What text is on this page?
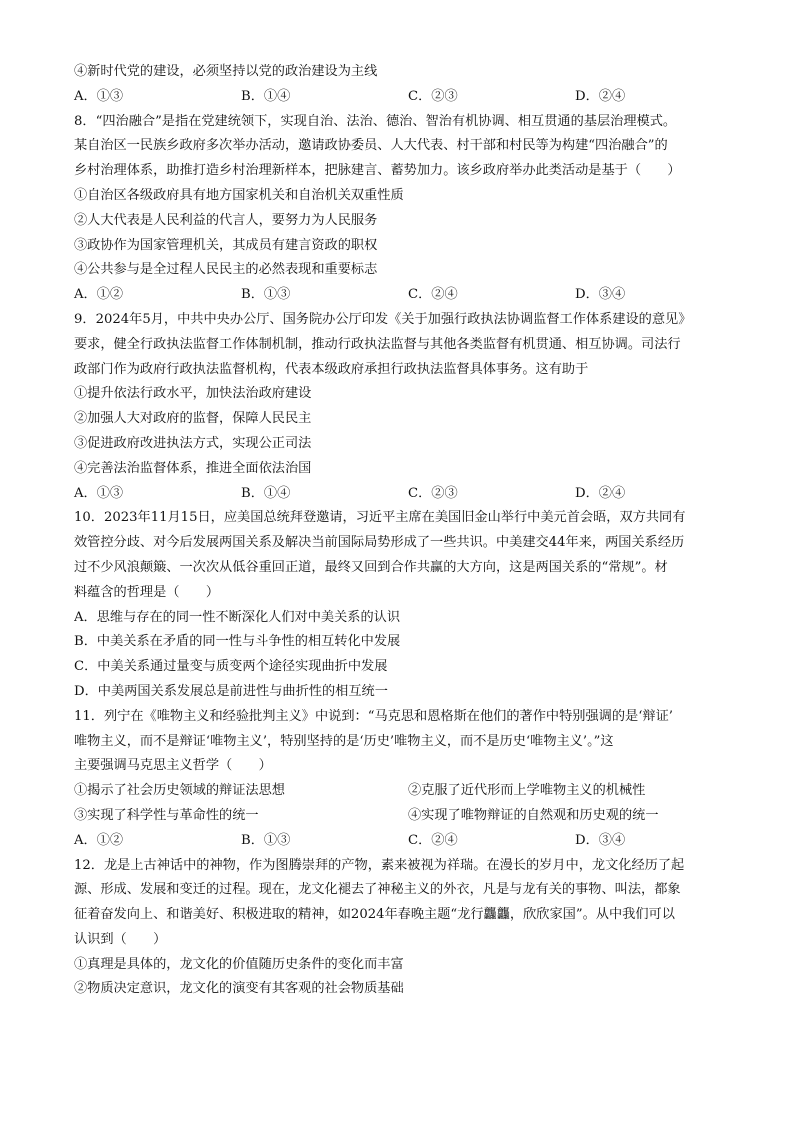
④新时代党的建设，必须坚持以党的政治建设为主线
A．①③	B．①④	C．②③	D．②④
8．“四治融合”是指在党建统领下，实现自治、法治、德治、智治有机协调、相互贯通的基层治理模式。
某自治区一民族乡政府多次举办活动，邀请政协委员、人大代表、村干部和村民等为构建“四治融合”的
乡村治理体系，助推打造乡村治理新样本，把脉建言、蓄势加力。该乡政府举办此类活动是基于（　　）
①自治区各级政府具有地方国家机关和自治机关双重性质
②人大代表是人民利益的代言人，要努力为人民服务
③政协作为国家管理机关，其成员有建言资政的职权
④公共参与是全过程人民民主的必然表现和重要标志
A．①②	B．①③	C．②④	D．③④
9．2024年5月，中共中央办公厅、国务院办公厅印发《关于加强行政执法协调监督工作体系建设的意见》
要求，健全行政执法监督工作体制机制，推动行政执法监督与其他各类监督有机贯通、相互协调。司法行
政部门作为政府行政执法监督机构，代表本级政府承担行政执法监督具体事务。这有助于
①提升依法行政水平，加快法治政府建设
②加强人大对政府的监督，保障人民民主
③促进政府改进执法方式，实现公正司法
④完善法治监督体系，推进全面依法治国
A．①③	B．①④	C．②③	D．②④
10．2023年11月15日，应美国总统拜登邀请，习近平主席在美国旧金山举行中美元首会晤，双方共同有
效管控分歧、对今后发展两国关系及解决当前国际局势形成了一些共识。中美建交44年来，两国关系经历
过不少风浪颠簸、一次次从低谷重回正道，最终又回到合作共赢的大方向，这是两国关系的“常规”。材
料蕴含的哲理是（　　）
A．思维与存在的同一性不断深化人们对中美关系的认识
B．中美关系在矛盾的同一性与斗争性的相互转化中发展
C．中美关系通过量变与质变两个途径实现曲折中发展
D．中美两国关系发展总是前进性与曲折性的相互统一
11．列宁在《唯物主义和经验批判主义》中说到：“马克思和恩格斯在他们的著作中特别强调的是‘辩证’
唯物主义，而不是辩证‘唯物主义’，特别坚持的是‘历史’唯物主义，而不是历史‘唯物主义’。”这
主要强调马克思主义哲学（　　）
①揭示了社会历史领域的辩证法思想	②克服了近代形而上学唯物主义的机械性
③实现了科学性与革命性的统一	④实现了唯物辩证的自然观和历史观的统一
A．①②	B．①③	C．②④	D．③④
12．龙是上古神话中的神物，作为图腾崇拜的产物，素来被视为祥瑞。在漫长的岁月中，龙文化经历了起
源、形成、发展和变迁的过程。现在，龙文化褪去了神秘主义的外衣，凡是与龙有关的事物、叫法，都象
征着奋发向上、和谐美好、积极进取的精神，如2024年春晚主题“龙行龘龘，欣欣家国”。从中我们可以
认识到（　　）
①真理是具体的，龙文化的价值随历史条件的变化而丰富
②物质决定意识，龙文化的演变有其客观的社会物质基础
